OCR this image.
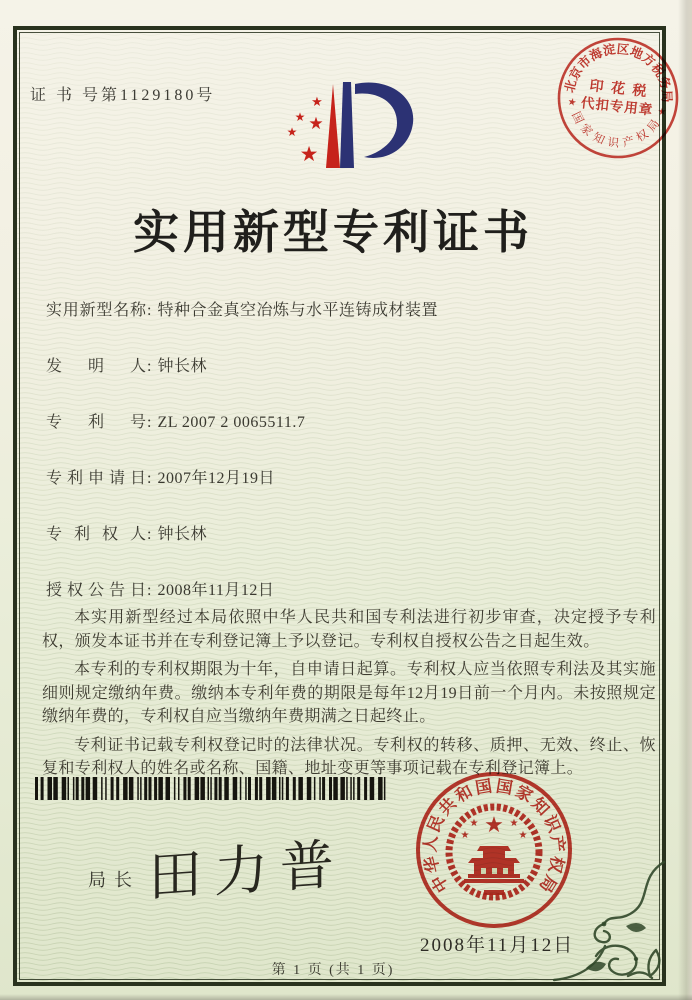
证 书 号第1129180号	★
★ ★
★
★
北
京
市
海
淀 区
地
方
税
务
局
国
家
知 识 产 权
局
★
★
印 花 税
代扣专用章
实用新型专利证书
实用新型名称: 特种合金真空冶炼与水平连铸成材装置
发明人: 钟长林
专利号: ZL 2007 2 0065511.7
专利申请日: 2007年12月19日
专利权人: 钟长林
授权公告日: 2008年11月12日

本实用新型经过本局依照中华人民共和国专利法进行初步审查，决定授予专利权，颁发本证书并在专利登记簿上予以登记。专利权自授权公告之日起生效。

本专利的专利权期限为十年，自申请日起算。专利权人应当依照专利法及其实施细则规定缴纳年费。缴纳本专利年费的期限是每年12月19日前一个月内。未按照规定缴纳年费的，专利权自应当缴纳年费期满之日起终止。

专利证书记载专利权登记时的法律状况。专利权的转移、质押、无效、终止、恢复和专利权人的姓名或名称、国籍、地址变更等事项记载在专利登记簿上。

局长 田力普	中
华
人
民
共
和
国 国
家
知
识
产
权
局
★
★
★
★
★
2008年11月12日
第 1 页 (共 1 页)
